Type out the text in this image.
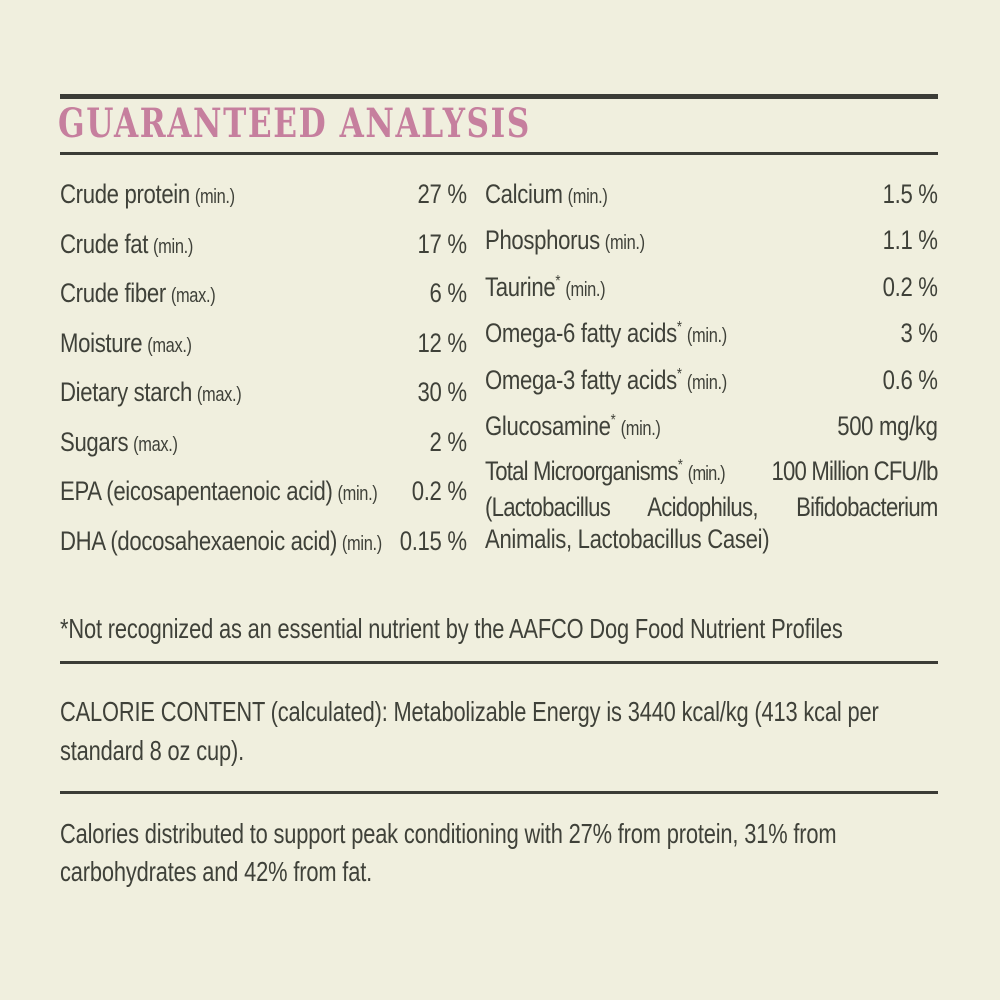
GUARANTEED ANALYSIS
Crude protein (min.)	27 %
Crude fat (min.)	17 %
Crude fiber (max.)	6 %
Moisture (max.)	12 %
Dietary starch (max.)	30 %
Sugars (max.)	2 %
EPA (eicosapentaenoic acid) (min.) 0.2 %
DHA (docosahexaenoic acid) (min.) 0.15 %
Calcium (min.)	1.5 %
Phosphorus (min.)	1.1 %
Taurine* (min.)	0.2 %
Omega-6 fatty acids* (min.)	3 %
Omega-3 fatty acids* (min.)	0.6 %
Glucosamine* (min.)	500 mg/kg
Total Microorganisms* (min.) 100 Million CFU/lb
(Lactobacillus Acidophilus, Bifidobacterium
Animalis, Lactobacillus Casei)
*Not recognized as an essential nutrient by the AAFCO Dog Food Nutrient Profiles
CALORIE CONTENT (calculated): Metabolizable Energy is 3440 kcal/kg (413 kcal per
standard 8 oz cup).
Calories distributed to support peak conditioning with 27% from protein, 31% from
carbohydrates and 42% from fat.
